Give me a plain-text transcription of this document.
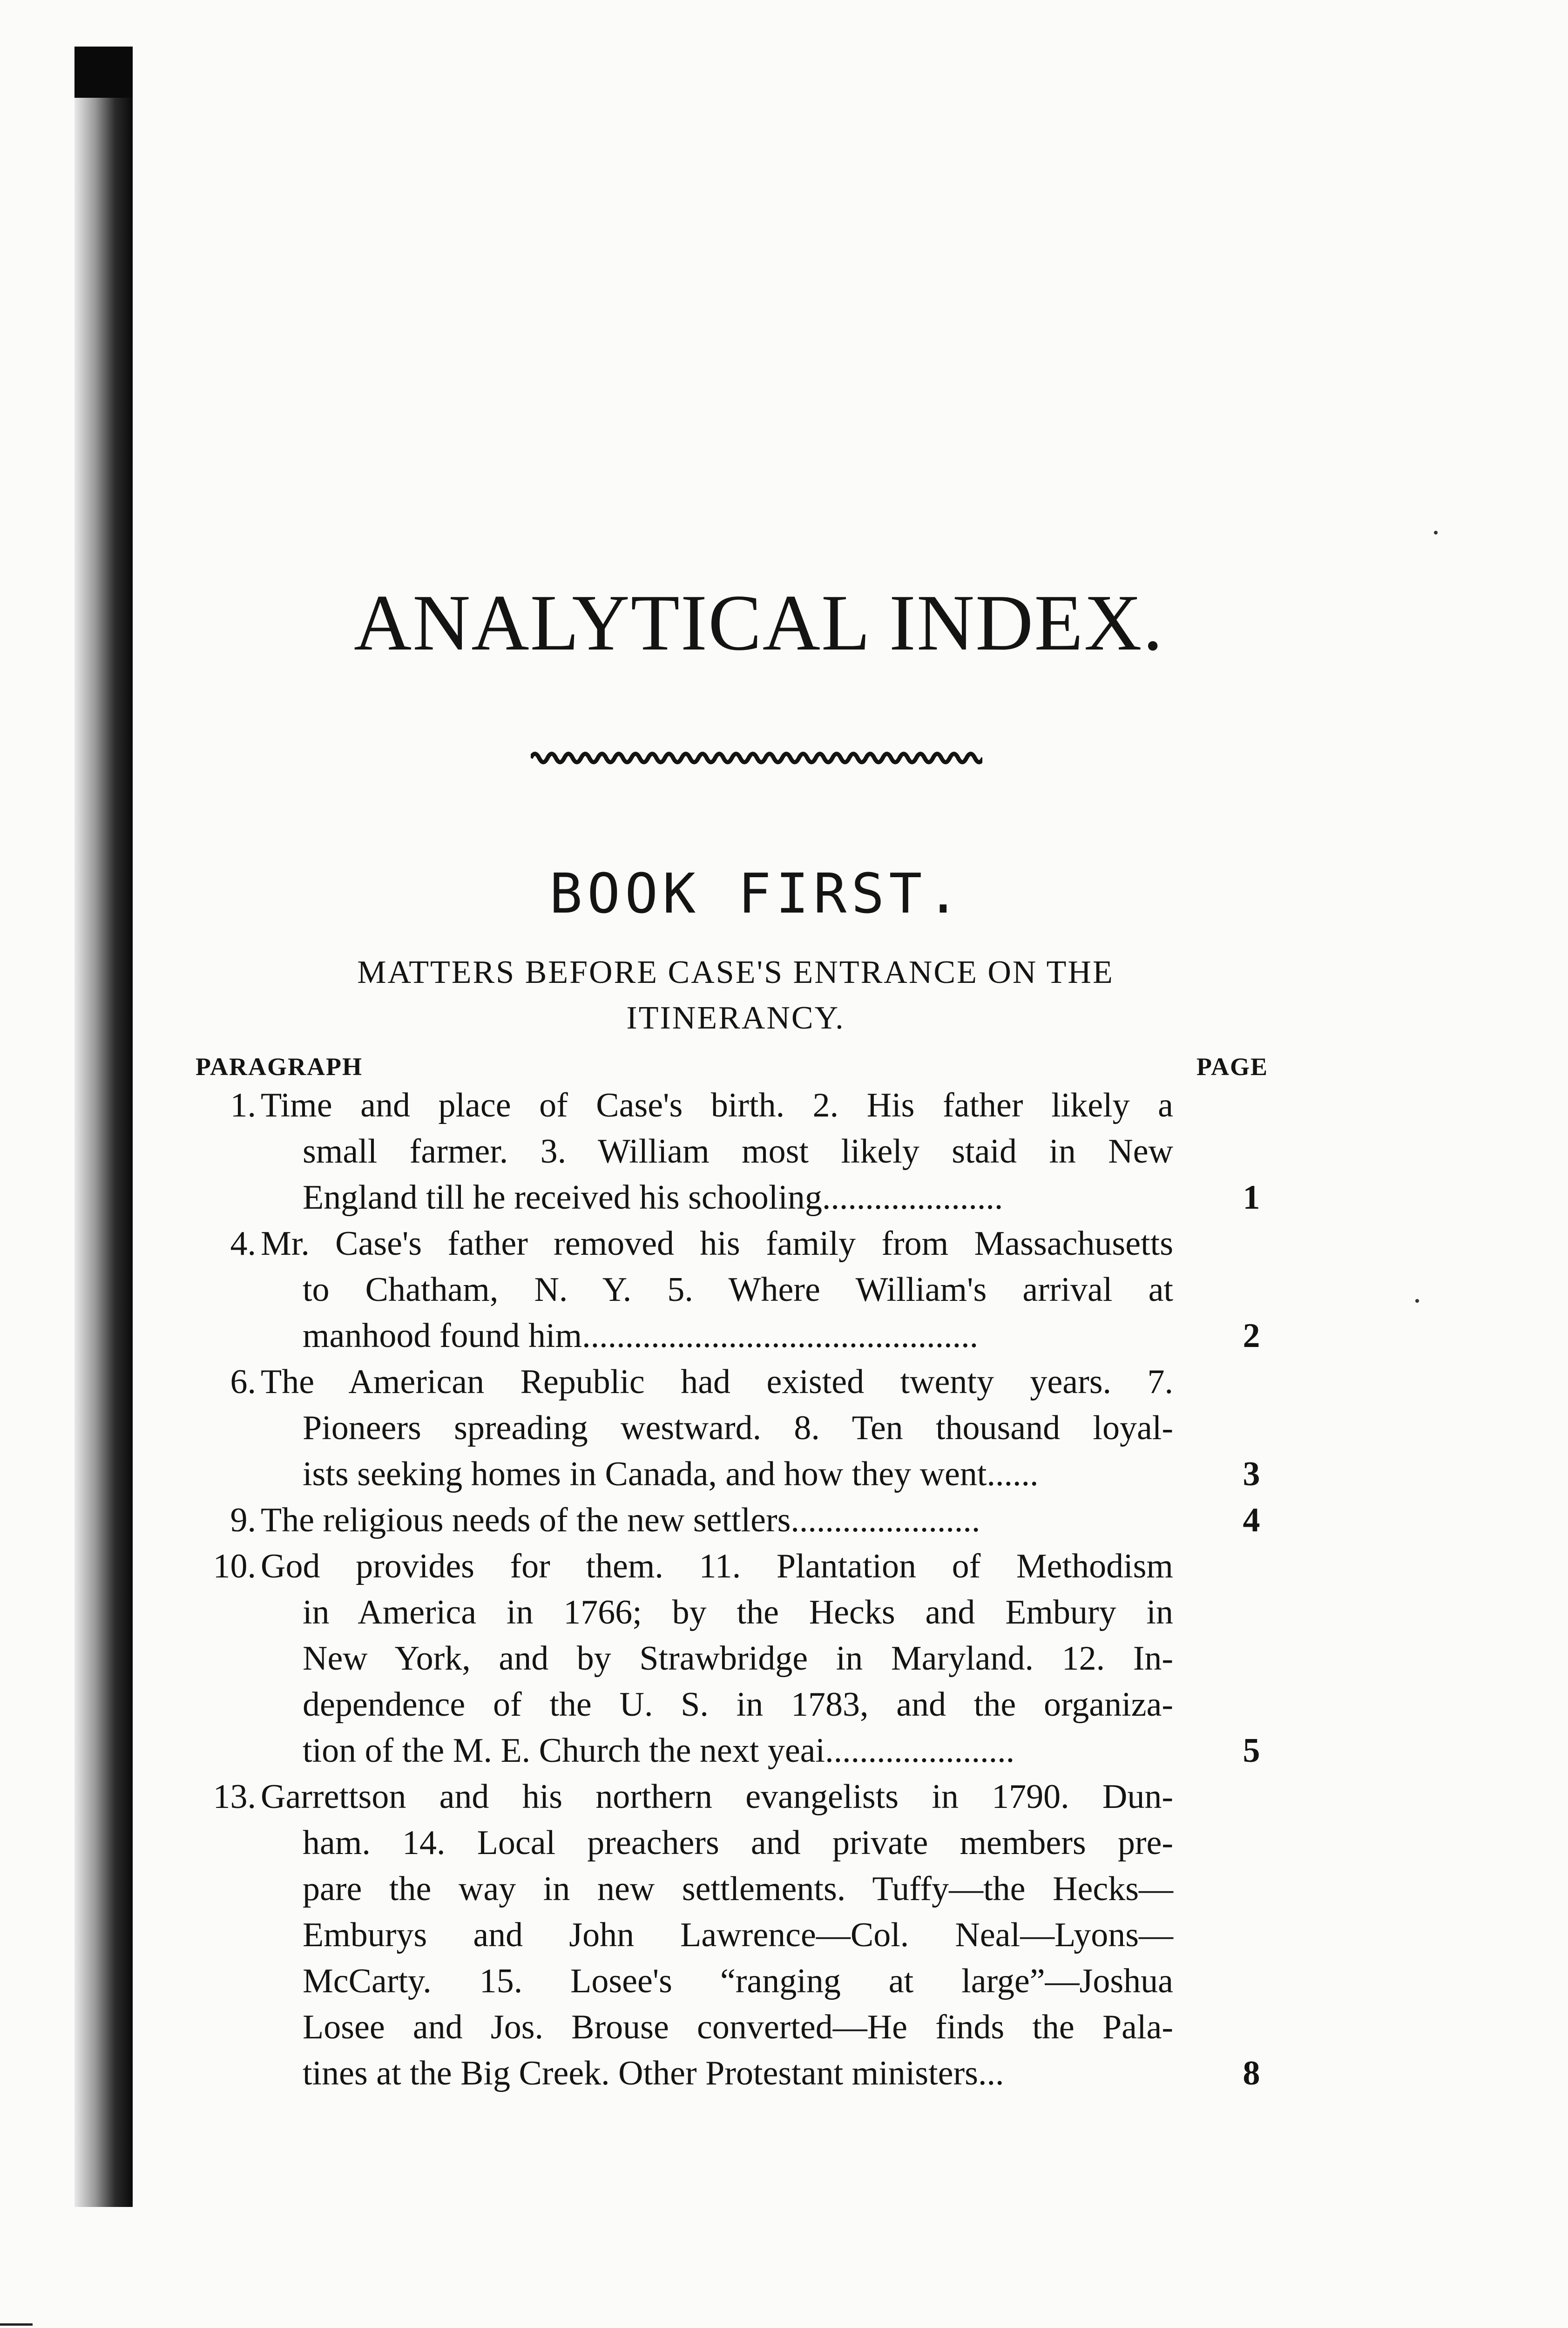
ANALYTICAL INDEX.
BOOK FIRST.
MATTERS BEFORE CASE'S ENTRANCE ON THE ITINERANCY.
PARAGRAPH	PAGE
1. Time and place of Case's birth. 2. His father likely a
small farmer. 3. William most likely staid in New
England till he received his schooling.....................	1
4. Mr. Case's father removed his family from Massachusetts
to Chatham, N. Y. 5. Where William's arrival at
manhood found him..............................................	2
6. The American Republic had existed twenty years. 7.
Pioneers spreading westward. 8. Ten thousand loyal-
ists seeking homes in Canada, and how they went......	3
9. The religious needs of the new settlers......................	4
10. God provides for them. 11. Plantation of Methodism
in America in 1766; by the Hecks and Embury in
New York, and by Strawbridge in Maryland. 12. In-
dependence of the U. S. in 1783, and the organiza-
tion of the M. E. Church the next yeai......................	5
13. Garrettson and his northern evangelists in 1790. Dun-
ham. 14. Local preachers and private members pre-
pare the way in new settlements. Tuffy—the Hecks—
Emburys and John Lawrence—Col. Neal—Lyons—
McCarty. 15. Losee's “ranging at large”—Joshua
Losee and Jos. Brouse converted—He finds the Pala-
tines at the Big Creek. Other Protestant ministers...	8
